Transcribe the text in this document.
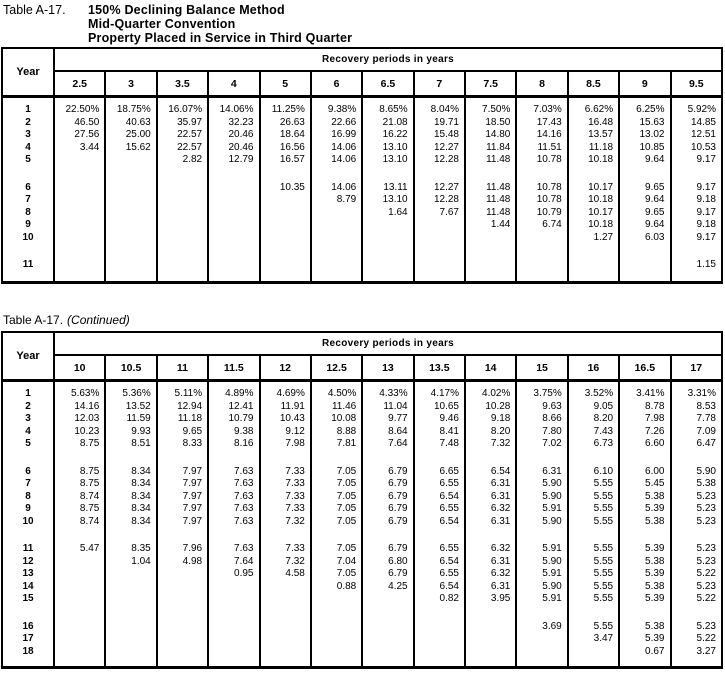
Table A-17.	150% Declining Balance Method
Mid-Quarter Convention
Property Placed in Service in Third Quarter
Year	Recovery periods in years												
	2.5	3	3.5	4	5	6	6.5	7	7.5	8	8.5	9	9.5

1	22.50%	18.75%	16.07%	14.06%	11.25%	9.38%	8.65%	8.04%	7.50%	7.03%	6.62%	6.25%	5.92%
2	46.50	40.63	35.97	32.23	26.63	22.66	21.08	19.71	18.50	17.43	16.48	15.63	14.85
3	27.56	25.00	22.57	20.46	18.64	16.99	16.22	15.48	14.80	14.16	13.57	13.02	12.51
4	3.44	15.62	22.57	20.46	16.56	14.06	13.10	12.27	11.84	11.51	11.18	10.85	10.53
5			2.82	12.79	16.57	14.06	13.10	12.28	11.48	10.78	10.18	9.64	9.17

6					10.35	14.06	13.11	12.27	11.48	10.78	10.17	9.65	9.17
7						8.79	13.10	12.28	11.48	10.78	10.18	9.64	9.18
8							1.64	7.67	11.48	10.79	10.17	9.65	9.17
9									1.44	6.74	10.18	9.64	9.18
10											1.27	6.03	9.17

11													1.15

Table A-17. (Continued)
Year	Recovery periods in years												
	10	10.5	11	11.5	12	12.5	13	13.5	14	15	16	16.5	17

1	5.63%	5.36%	5.11%	4.89%	4.69%	4.50%	4.33%	4.17%	4.02%	3.75%	3.52%	3.41%	3.31%
2	14.16	13.52	12.94	12.41	11.91	11.46	11.04	10.65	10.28	9.63	9.05	8.78	8.53
3	12.03	11.59	11.18	10.79	10.43	10.08	9.77	9.46	9.18	8.66	8.20	7.98	7.78
4	10.23	9.93	9.65	9.38	9.12	8.88	8.64	8.41	8.20	7.80	7.43	7.26	7.09
5	8.75	8.51	8.33	8.16	7.98	7.81	7.64	7.48	7.32	7.02	6.73	6.60	6.47

6	8.75	8.34	7.97	7.63	7.33	7.05	6.79	6.65	6.54	6.31	6.10	6.00	5.90
7	8.75	8.34	7.97	7.63	7.33	7.05	6.79	6.55	6.31	5.90	5.55	5.45	5.38
8	8.74	8.34	7.97	7.63	7.33	7.05	6.79	6.54	6.31	5.90	5.55	5.38	5.23
9	8.75	8.34	7.97	7.63	7.33	7.05	6.79	6.55	6.32	5.91	5.55	5.39	5.23
10	8.74	8.34	7.97	7.63	7.32	7.05	6.79	6.54	6.31	5.90	5.55	5.38	5.23

11	5.47	8.35	7.96	7.63	7.33	7.05	6.79	6.55	6.32	5.91	5.55	5.39	5.23
12		1.04	4.98	7.64	7.32	7.04	6.80	6.54	6.31	5.90	5.55	5.38	5.23
13				0.95	4.58	7.05	6.79	6.55	6.32	5.91	5.55	5.39	5.22
14						0.88	4.25	6.54	6.31	5.90	5.55	5.38	5.23
15								0.82	3.95	5.91	5.55	5.39	5.22

16										3.69	5.55	5.38	5.23
17											3.47	5.39	5.22
18												0.67	3.27
